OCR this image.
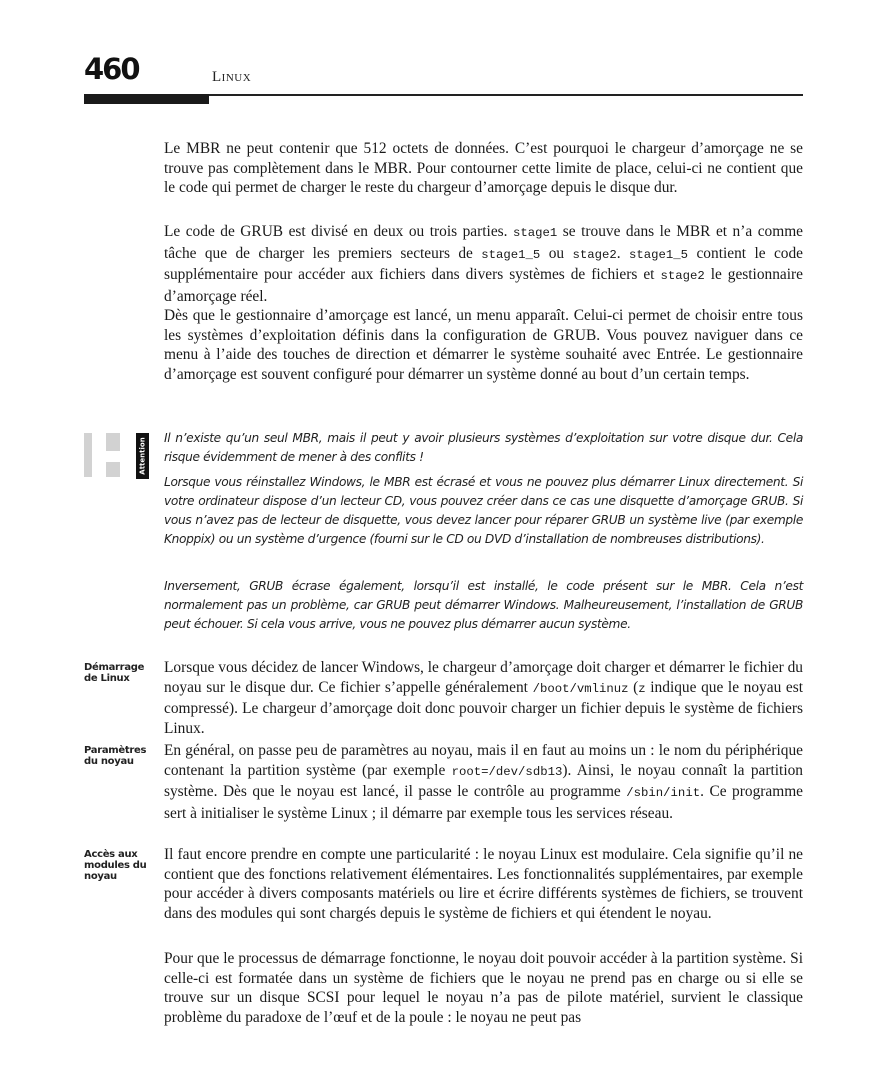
460	Linux

Le MBR ne peut contenir que 512 octets de données. C’est pourquoi le chargeur d’amorçage ne se trouve pas complètement dans le MBR. Pour contourner cette limite de place, celui-ci ne contient que le code qui permet de charger le reste du chargeur d’amorçage depuis le disque dur.

Le code de GRUB est divisé en deux ou trois parties. stage1 se trouve dans le MBR et n’a comme tâche que de charger les premiers secteurs de stage1_5 ou stage2. stage1_5 contient le code supplémentaire pour accéder aux fichiers dans divers systèmes de fichiers et stage2 le gestionnaire d’amorçage réel.

Dès que le gestionnaire d’amorçage est lancé, un menu apparaît. Celui-ci permet de choisir entre tous les systèmes d’exploitation définis dans la configuration de GRUB. Vous pouvez naviguer dans ce menu à l’aide des touches de direction et démarrer le système souhaité avec Entrée. Le gestionnaire d’amorçage est souvent configuré pour démarrer un système donné au bout d’un certain temps.

Attention Il n’existe qu’un seul MBR, mais il peut y avoir plusieurs systèmes d’exploitation sur votre disque dur. Cela risque évidemment de mener à des conflits !

Lorsque vous réinstallez Windows, le MBR est écrasé et vous ne pouvez plus démarrer Linux directement. Si votre ordinateur dispose d’un lecteur CD, vous pouvez créer dans ce cas une disquette d’amorçage GRUB. Si vous n’avez pas de lecteur de disquette, vous devez lancer pour réparer GRUB un système live (par exemple Knoppix) ou un système d’urgence (fourni sur le CD ou DVD d’installation de nombreuses distributions).

Inversement, GRUB écrase également, lorsqu’il est installé, le code présent sur le MBR. Cela n’est normalement pas un problème, car GRUB peut démarrer Windows. Malheureusement, l’installation de GRUB peut échouer. Si cela vous arrive, vous ne pouvez plus démarrer aucun système.

Démarrage de Linux

Paramètres du noyau

Accès aux modules du noyau

Lorsque vous décidez de lancer Windows, le chargeur d’amorçage doit charger et démarrer le fichier du noyau sur le disque dur. Ce fichier s’appelle généralement /boot/vmlinuz (z indique que le noyau est compressé). Le chargeur d’amorçage doit donc pouvoir charger un fichier depuis le système de fichiers Linux.

En général, on passe peu de paramètres au noyau, mais il en faut au moins un : le nom du périphérique contenant la partition système (par exemple root=/dev/sdb13). Ainsi, le noyau connaît la partition système. Dès que le noyau est lancé, il passe le contrôle au programme /sbin/init. Ce programme sert à initialiser le système Linux ; il démarre par exemple tous les services réseau.

Il faut encore prendre en compte une particularité : le noyau Linux est modulaire. Cela signifie qu’il ne contient que des fonctions relativement élémentaires. Les fonctionnalités supplémentaires, par exemple pour accéder à divers composants matériels ou lire et écrire différents systèmes de fichiers, se trouvent dans des modules qui sont chargés depuis le système de fichiers et qui étendent le noyau.

Pour que le processus de démarrage fonctionne, le noyau doit pouvoir accéder à la partition système. Si celle-ci est formatée dans un système de fichiers que le noyau ne prend pas en charge ou si elle se trouve sur un disque SCSI pour lequel le noyau n’a pas de pilote matériel, survient le classique problème du paradoxe de l’œuf et de la poule : le noyau ne peut pas
